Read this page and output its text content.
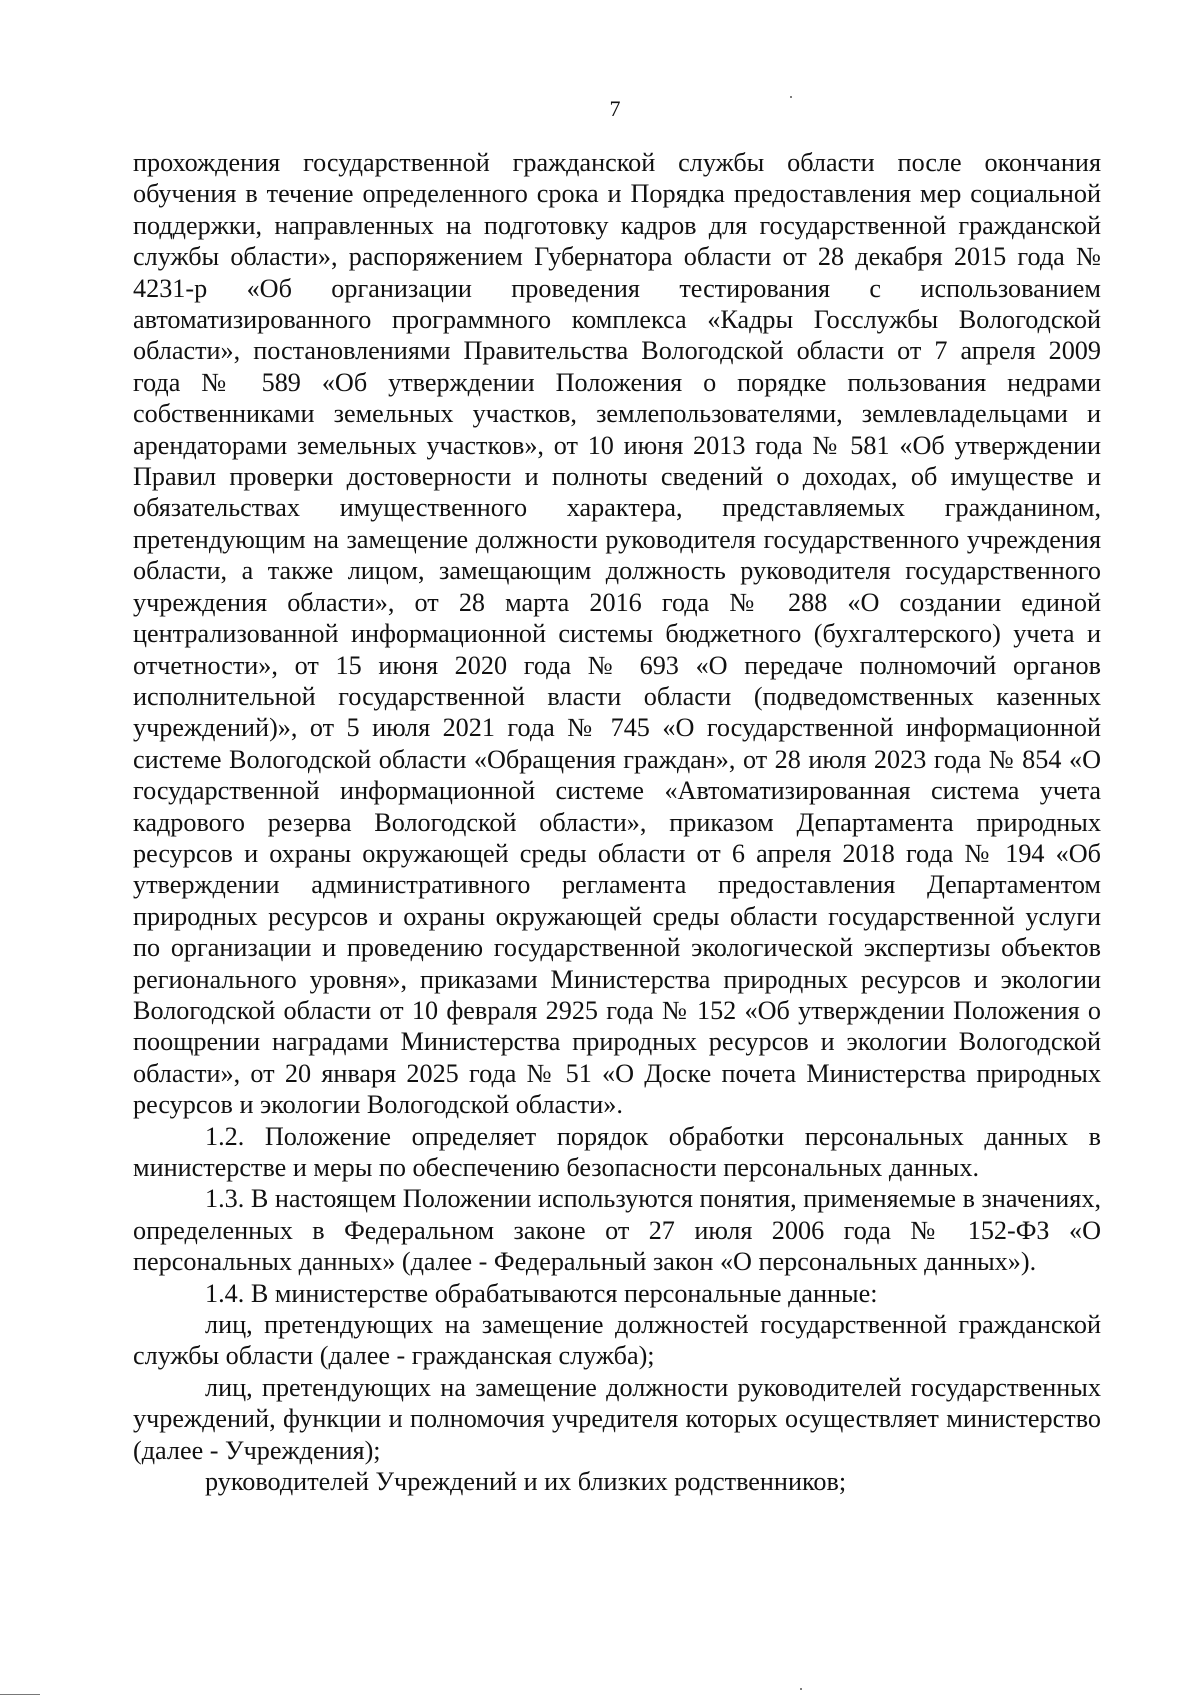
7

прохождения государственной гражданской службы области после окончания обучения в течение определенного срока и Порядка предоставления мер социальной поддержки, направленных на подготовку кадров для государственной гражданской службы области», распоряжением Губернатора области от 28 декабря 2015 года № 4231-р «Об организации проведения тестирования с использованием автоматизированного программного комплекса «Кадры Госслужбы Вологодской области», постановлениями Правительства Вологодской области от 7 апреля 2009 года № 589 «Об утверждении Положения о порядке пользования недрами собственниками земельных участков, землепользователями, землевладельцами и арендаторами земельных участков», от 10 июня 2013 года № 581 «Об утверждении Правил проверки достоверности и полноты сведений о доходах, об имуществе и обязательствах имущественного характера, представляемых гражданином, претендующим на замещение должности руководителя государственного учреждения области, а также лицом, замещающим должность руководителя государственного учреждения области», от 28 марта 2016 года № 288 «О создании единой централизованной информационной системы бюджетного (бухгалтерского) учета и отчетности», от 15 июня 2020 года № 693 «О передаче полномочий органов исполнительной государственной власти области (подведомственных казенных учреждений)», от 5 июля 2021 года № 745 «О государственной информационной системе Вологодской области «Обращения граждан», от 28 июля 2023 года № 854 «О государственной информационной системе «Автоматизированная система учета кадрового резерва Вологодской области», приказом Департамента природных ресурсов и охраны окружающей среды области от 6 апреля 2018 года № 194 «Об утверждении административного регламента предоставления Департаментом природных ресурсов и охраны окружающей среды области государственной услуги по организации и проведению государственной экологической экспертизы объектов регионального уровня», приказами Министерства природных ресурсов и экологии Вологодской области от 10 февраля 2925 года № 152 «Об утверждении Положения о поощрении наградами Министерства природных ресурсов и экологии Вологодской области», от 20 января 2025 года № 51 «О Доске почета Министерства природных ресурсов и экологии Вологодской области».

1.2. Положение определяет порядок обработки персональных данных в министерстве и меры по обеспечению безопасности персональных данных.

1.3. В настоящем Положении используются понятия, применяемые в значениях, определенных в Федеральном законе от 27 июля 2006 года № 152-ФЗ «О персональных данных» (далее - Федеральный закон «О персональных данных»).

1.4. В министерстве обрабатываются персональные данные:

лиц, претендующих на замещение должностей государственной гражданской службы области (далее - гражданская служба);

лиц, претендующих на замещение должности руководителей государственных учреждений, функции и полномочия учредителя которых осуществляет министерство (далее - Учреждения);

руководителей Учреждений и их близких родственников;
